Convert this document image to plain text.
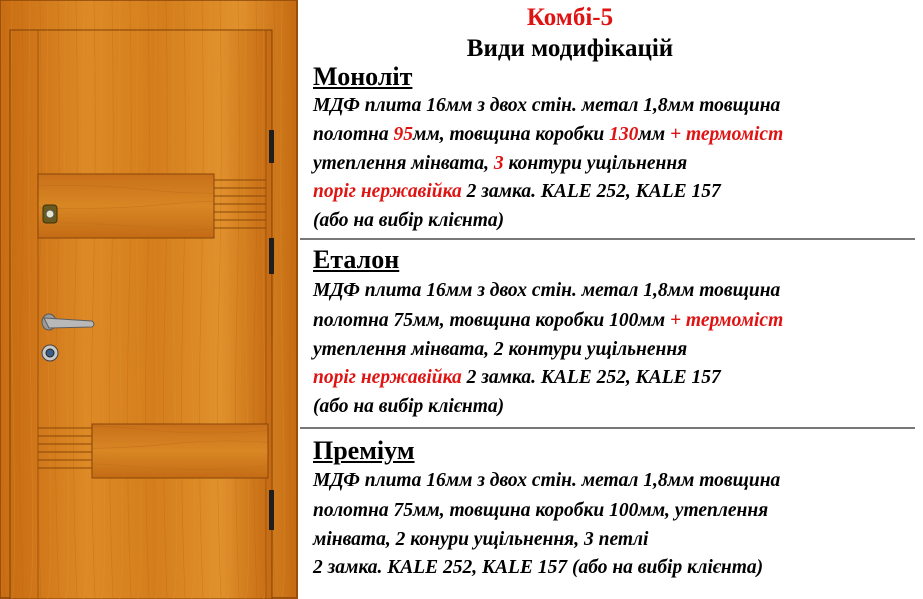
Комбі-5
Види модифікацій
Моноліт
МДФ плита 16мм з двох стін. метал 1,8мм товщина
полотна 95мм, товщина коробки 130мм + термоміст
утеплення мінвата, 3 контури ущільнення
поріг нержавійка 2 замка. KALE 252, KALE 157
(або на вибір клієнта)
Еталон
МДФ плита 16мм з двох стін. метал 1,8мм товщина
полотна 75мм, товщина коробки 100мм + термоміст
утеплення мінвата, 2 контури ущільнення
поріг нержавійка 2 замка. KALE 252, KALE 157
(або на вибір клієнта)
Преміум
МДФ плита 16мм з двох стін. метал 1,8мм товщина
полотна 75мм, товщина коробки 100мм, утеплення
мінвата, 2 конури ущільнення, 3 петлі
2 замка. KALE 252, KALE 157 (або на вибір клієнта)
